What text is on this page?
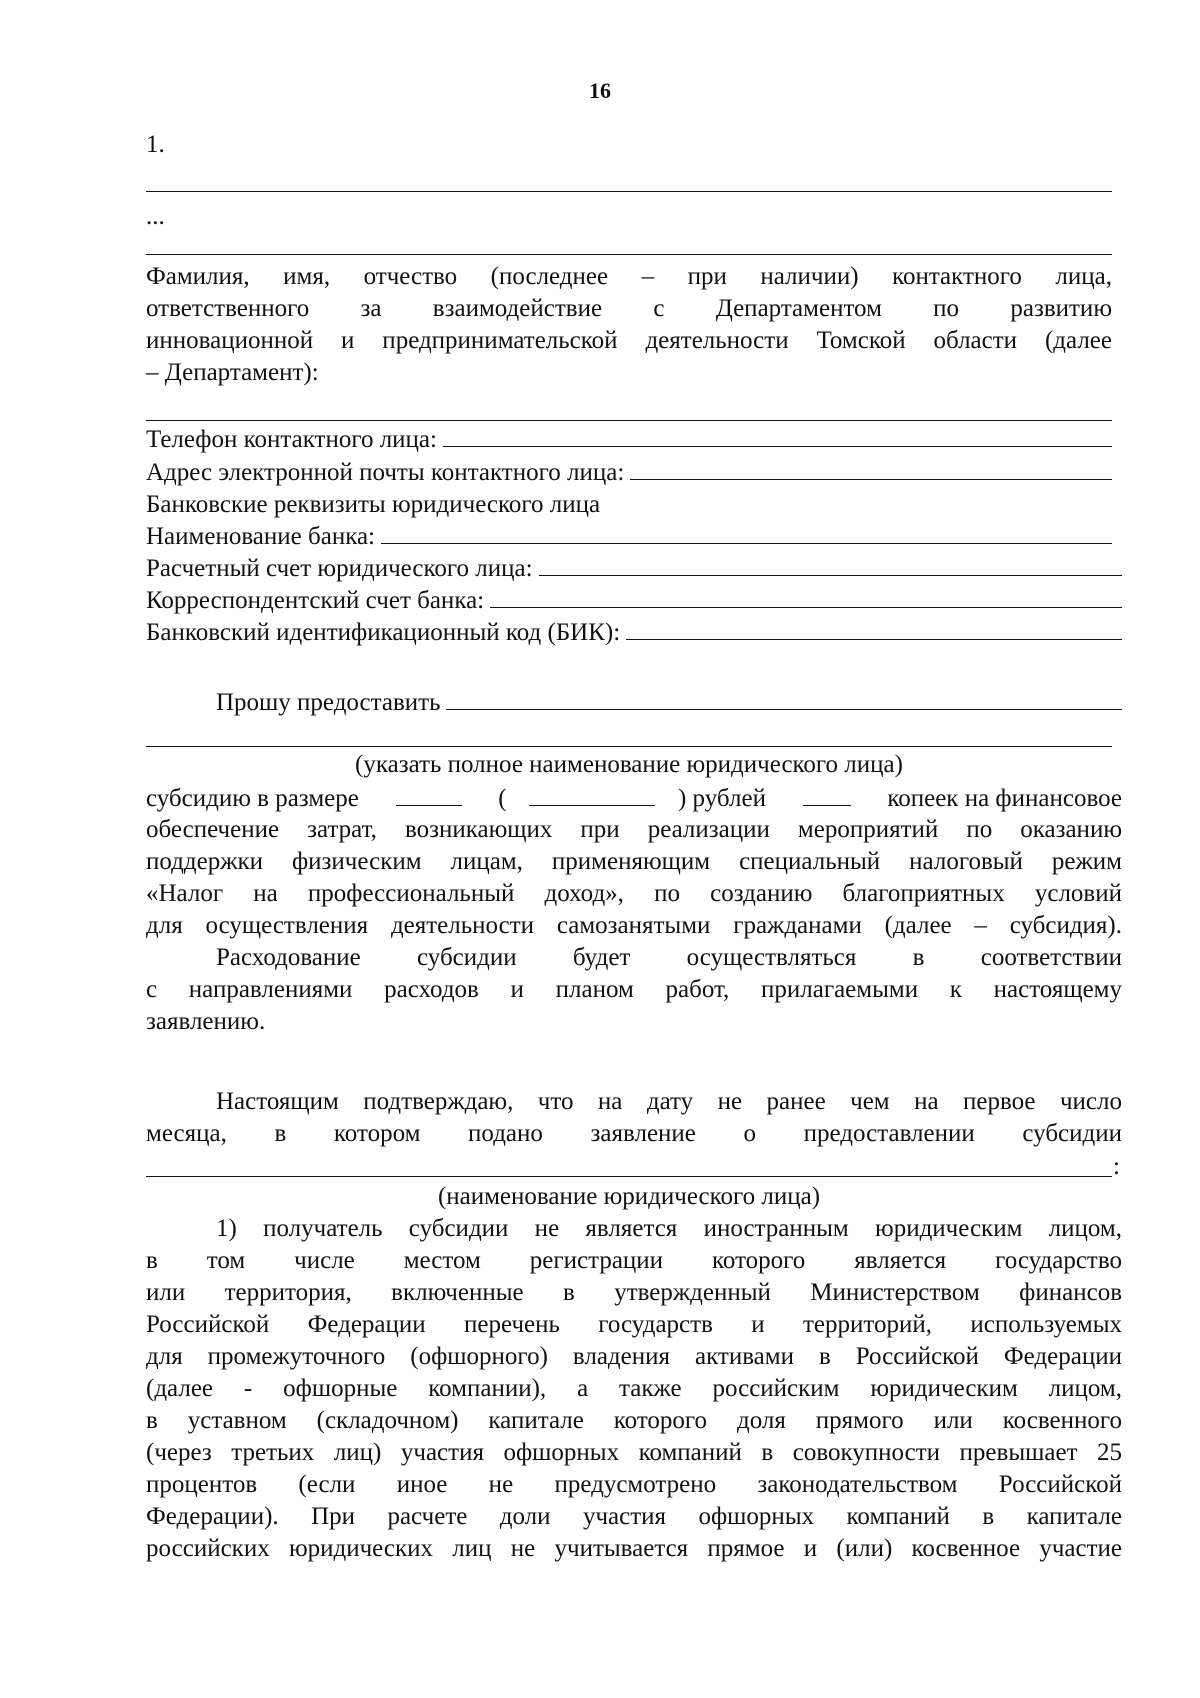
16
1.
...
Фамилия, имя, отчество (последнее – при наличии) контактного лица,
ответственного за взаимодействие с Департаментом по развитию
инновационной и предпринимательской деятельности Томской области (далее
– Департамент):
Телефон контактного лица:
Адрес электронной почты контактного лица:
Банковские реквизиты юридического лица
Наименование банка:
Расчетный счет юридического лица:
Корреспондентский счет банка:
Банковский идентификационный код (БИК):
Прошу предоставить
(указать полное наименование юридического лица)
субсидию в размере	(	) рублей	копеек на финансовое
обеспечение затрат, возникающих при реализации мероприятий по оказанию
поддержки физическим лицам, применяющим специальный налоговый режим
«Налог на профессиональный доход», по созданию благоприятных условий
для осуществления деятельности самозанятыми гражданами (далее – субсидия).
Расходование субсидии будет осуществляться в соответствии
с направлениями расходов и планом работ, прилагаемыми к настоящему
заявлению.
Настоящим подтверждаю, что на дату не ранее чем на первое число
месяца, в котором подано заявление о предоставлении субсидии
:
(наименование юридического лица)
1) получатель субсидии не является иностранным юридическим лицом,
в том числе местом регистрации которого является государство
или территория, включенные в утвержденный Министерством финансов
Российской Федерации перечень государств и территорий, используемых
для промежуточного (офшорного) владения активами в Российской Федерации
(далее - офшорные компании), а также российским юридическим лицом,
в уставном (складочном) капитале которого доля прямого или косвенного
(через третьих лиц) участия офшорных компаний в совокупности превышает 25
процентов (если иное не предусмотрено законодательством Российской
Федерации). При расчете доли участия офшорных компаний в капитале
российских юридических лиц не учитывается прямое и (или) косвенное участие
